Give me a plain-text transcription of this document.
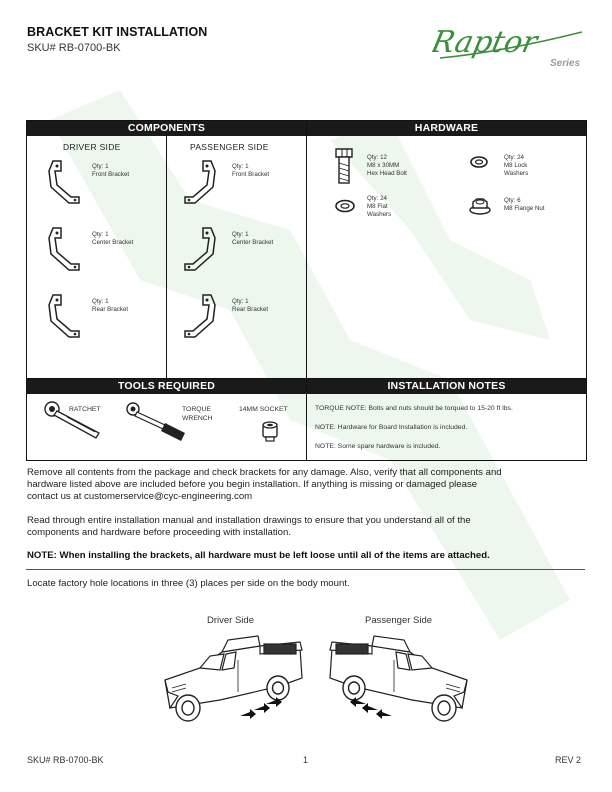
BRACKET KIT INSTALLATION
SKU# RB-0700-BK	Raptor
Series
COMPONENTS	HARDWARE
DRIVER SIDE	PASSENGER SIDE
Qty: 1
Front Bracket
Qty: 1
Center Bracket
Qty: 1
Rear Bracket
Qty: 1
Front Bracket
Qty: 1
Center Bracket
Qty: 1
Rear Bracket
Qty: 12
M8 x 30MM
Hex Head Bolt
Qty: 24
M8 Lock
Washers
Qty: 24
M8 Flat
Washers
Qty: 6
M8 Flange Nut
TOOLS REQUIRED	INSTALLATION NOTES
RATCHET	TORQUE
WRENCH
14MM SOCKET	TORQUE NOTE: Bolts and nuts should be torqued to 15-20 ft lbs.
NOTE: Hardware for Board Installation is included.
NOTE: Some spare hardware is included.
Remove all contents from the package and check brackets for any damage. Also, verify that all components and
hardware listed above are included before you begin installation. If anything is missing or damaged please
contact us at customerservice@cyc-engineering.com
Read through entire installation manual and installation drawings to ensure that you understand all of the
components and hardware before proceeding with installation.
NOTE: When installing the brackets, all hardware must be left loose until all of the items are attached.
Locate factory hole locations in three (3) places per side on the body mount.
Driver Side	Passenger Side
SKU# RB-0700-BK	1	REV 2
